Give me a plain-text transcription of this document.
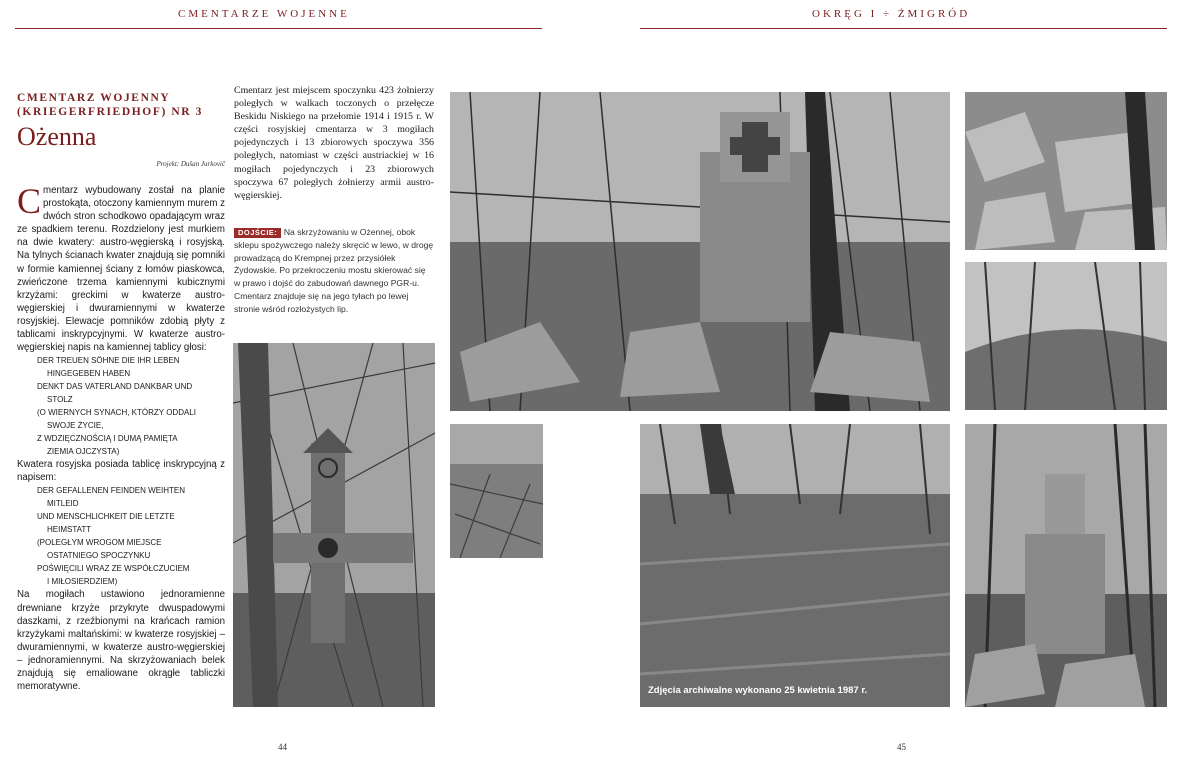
CMENTARZE WOJENNE	OKRĘG I ÷ ŻMIGRÓD
CMENTARZ WOJENNY
(KRIEGERFRIEDHOF) NR 3
Ożenna
Projekt: Dušan Jurkovič

Cmentarz wybudowany został na planie prostokąta, otoczony kamiennym murem z dwóch stron schodkowo opadającym wraz ze spadkiem terenu. Rozdzielony jest murkiem na dwie kwatery: austro-węgierską i rosyjską. Na tylnych ścianach kwater znajdują się pomniki w formie kamiennej ściany z łomów piaskowca, zwieńczone trzema kamiennymi kubicznymi krzyżami: greckimi w kwaterze austro-węgierskiej i dwuramiennymi w kwaterze rosyjskiej. Elewacje pomników zdobią płyty z tablicami inskrypcyjnymi. W kwaterze austro-węgierskiej napis na kamiennej tablicy głosi:

DER TREUEN SÖHNE DIE IHR LEBEN
HINGEGEBEN HABEN
DENKT DAS VATERLAND DANKBAR UND
STOLZ
(O WIERNYCH SYNACH, KTÓRZY ODDALI
SWOJE ŻYCIE,
Z WDZIĘCZNOŚCIĄ I DUMĄ PAMIĘTA
ZIEMIA OJCZYSTA)

Kwatera rosyjska posiada tablicę inskrypcyjną z napisem:

DER GEFALLENEN FEINDEN WEIHTEN
MITLEID
UND MENSCHLICHKEIT DIE LETZTE
HEIMSTATT
(POLEGŁYM WROGOM MIEJSCE
OSTATNIEGO SPOCZYNKU
POŚWIĘCILI WRAZ ZE WSPÓŁCZUCIEM
I MIŁOSIERDZIEM)

Na mogiłach ustawiono jednoramienne drewniane krzyże przykryte dwuspadowymi daszkami, z rzeźbionymi na krańcach ramion krzyżykami maltańskimi: w kwaterze rosyjskiej – dwuramiennymi, w kwaterze austro-węgierskiej – jednoramiennymi. Na skrzyżowaniach belek znajdują się emaliowane okrągłe tabliczki memoratywne.

Cmentarz jest miejscem spoczynku 423 żołnierzy poległych w walkach toczonych o przełęcze Beskidu Niskiego na przełomie 1914 i 1915 r. W części rosyjskiej cmentarza w 3 mogiłach pojedynczych i 13 zbiorowych spoczywa 356 poległych, natomiast w części austriackiej w 16 mogiłach pojedynczych i 23 zbiorowych spoczywa 67 poległych żołnierzy armii austro-węgierskiej.

DOJŚCIE: Na skrzyżowaniu w Ożennej, obok sklepu spożywczego należy skręcić w lewo, w drogę prowadzącą do Krempnej przez przysiółek Żydowskie. Po przekroczeniu mostu skierować się w prawo i dojść do zabudowań dawnego PGR-u. Cmentarz znajduje się na jego tyłach po lewej stronie wśród rozłożystych lip.
Zdjęcia archiwalne wykonano 25 kwietnia 1987 r.
44	45
